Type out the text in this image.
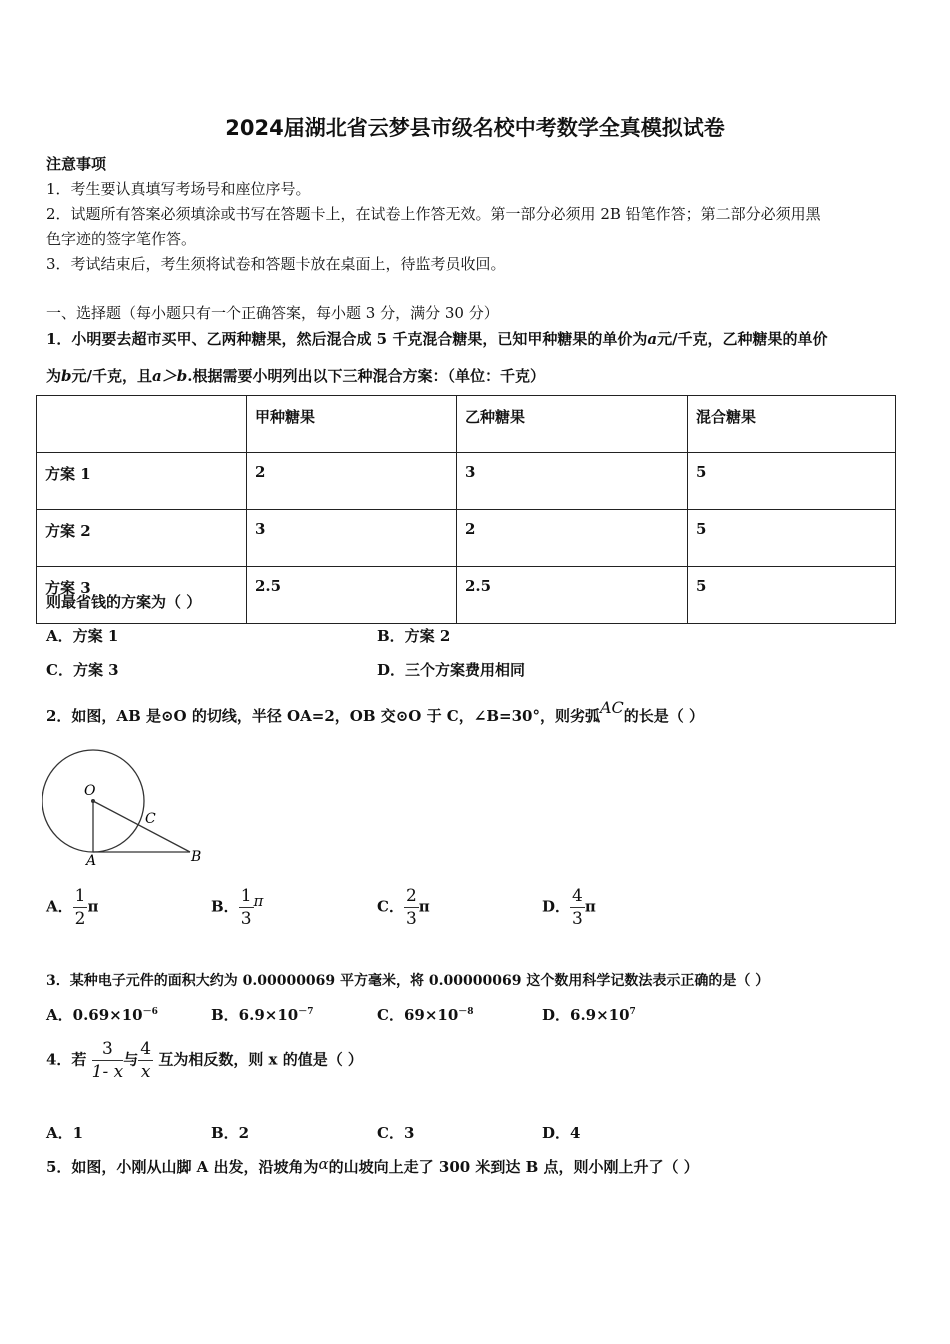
2024届湖北省云梦县市级名校中考数学全真模拟试卷
注意事项
1．考生要认真填写考场号和座位序号。
2．试题所有答案必须填涂或书写在答题卡上，在试卷上作答无效。第一部分必须用 2B 铅笔作答；第二部分必须用黑
色字迹的签字笔作答。
3．考试结束后，考生须将试卷和答题卡放在桌面上，待监考员收回。
一、选择题（每小题只有一个正确答案，每小题 3 分，满分 30 分）
1．小明要去超市买甲、乙两种糖果，然后混合成 5 千克混合糖果，已知甲种糖果的单价为a元/千克，乙种糖果的单价
为b元/千克，且a＞b.根据需要小明列出以下三种混合方案：（单位：千克）
	甲种糖果	乙种糖果	混合糖果
方案 1	2	3	5
方案 2	3	2	5
方案 3	2.5	2.5	5
则最省钱的方案为（ ）
A．方案 1	B．方案 2
C．方案 3	D．三个方案费用相同
2．如图，AB 是⊙O 的切线，半径 OA=2，OB 交⊙O 于 C，∠B=30°，则劣弧AC的长是（ ）
O
C
A	B
A． $\frac{1}{2}$ π	B． $\frac{1}{3}$ π	C． $\frac{2}{3}$ π	D． $\frac{4}{3}$ π
3．某种电子元件的面积大约为 0.00000069 平方毫米，将 0.00000069 这个数用科学记数法表示正确的是（ ）
A．$0.69\times 10^{-6}$	B．$6.9\times 10^{-7}$	C．$69\times 10^{-8}$	D．$6.9\times 10^7$
4．若 $\frac{3}{1- x}$ 与 $\frac{4}{x}$ 互为相反数，则 x 的值是（ ）
A．1	B．2	C．3	D．4
5．如图，小刚从山脚 A 出发，沿坡角为α的山坡向上走了 300 米到达 B 点，则小刚上升了（ ）
